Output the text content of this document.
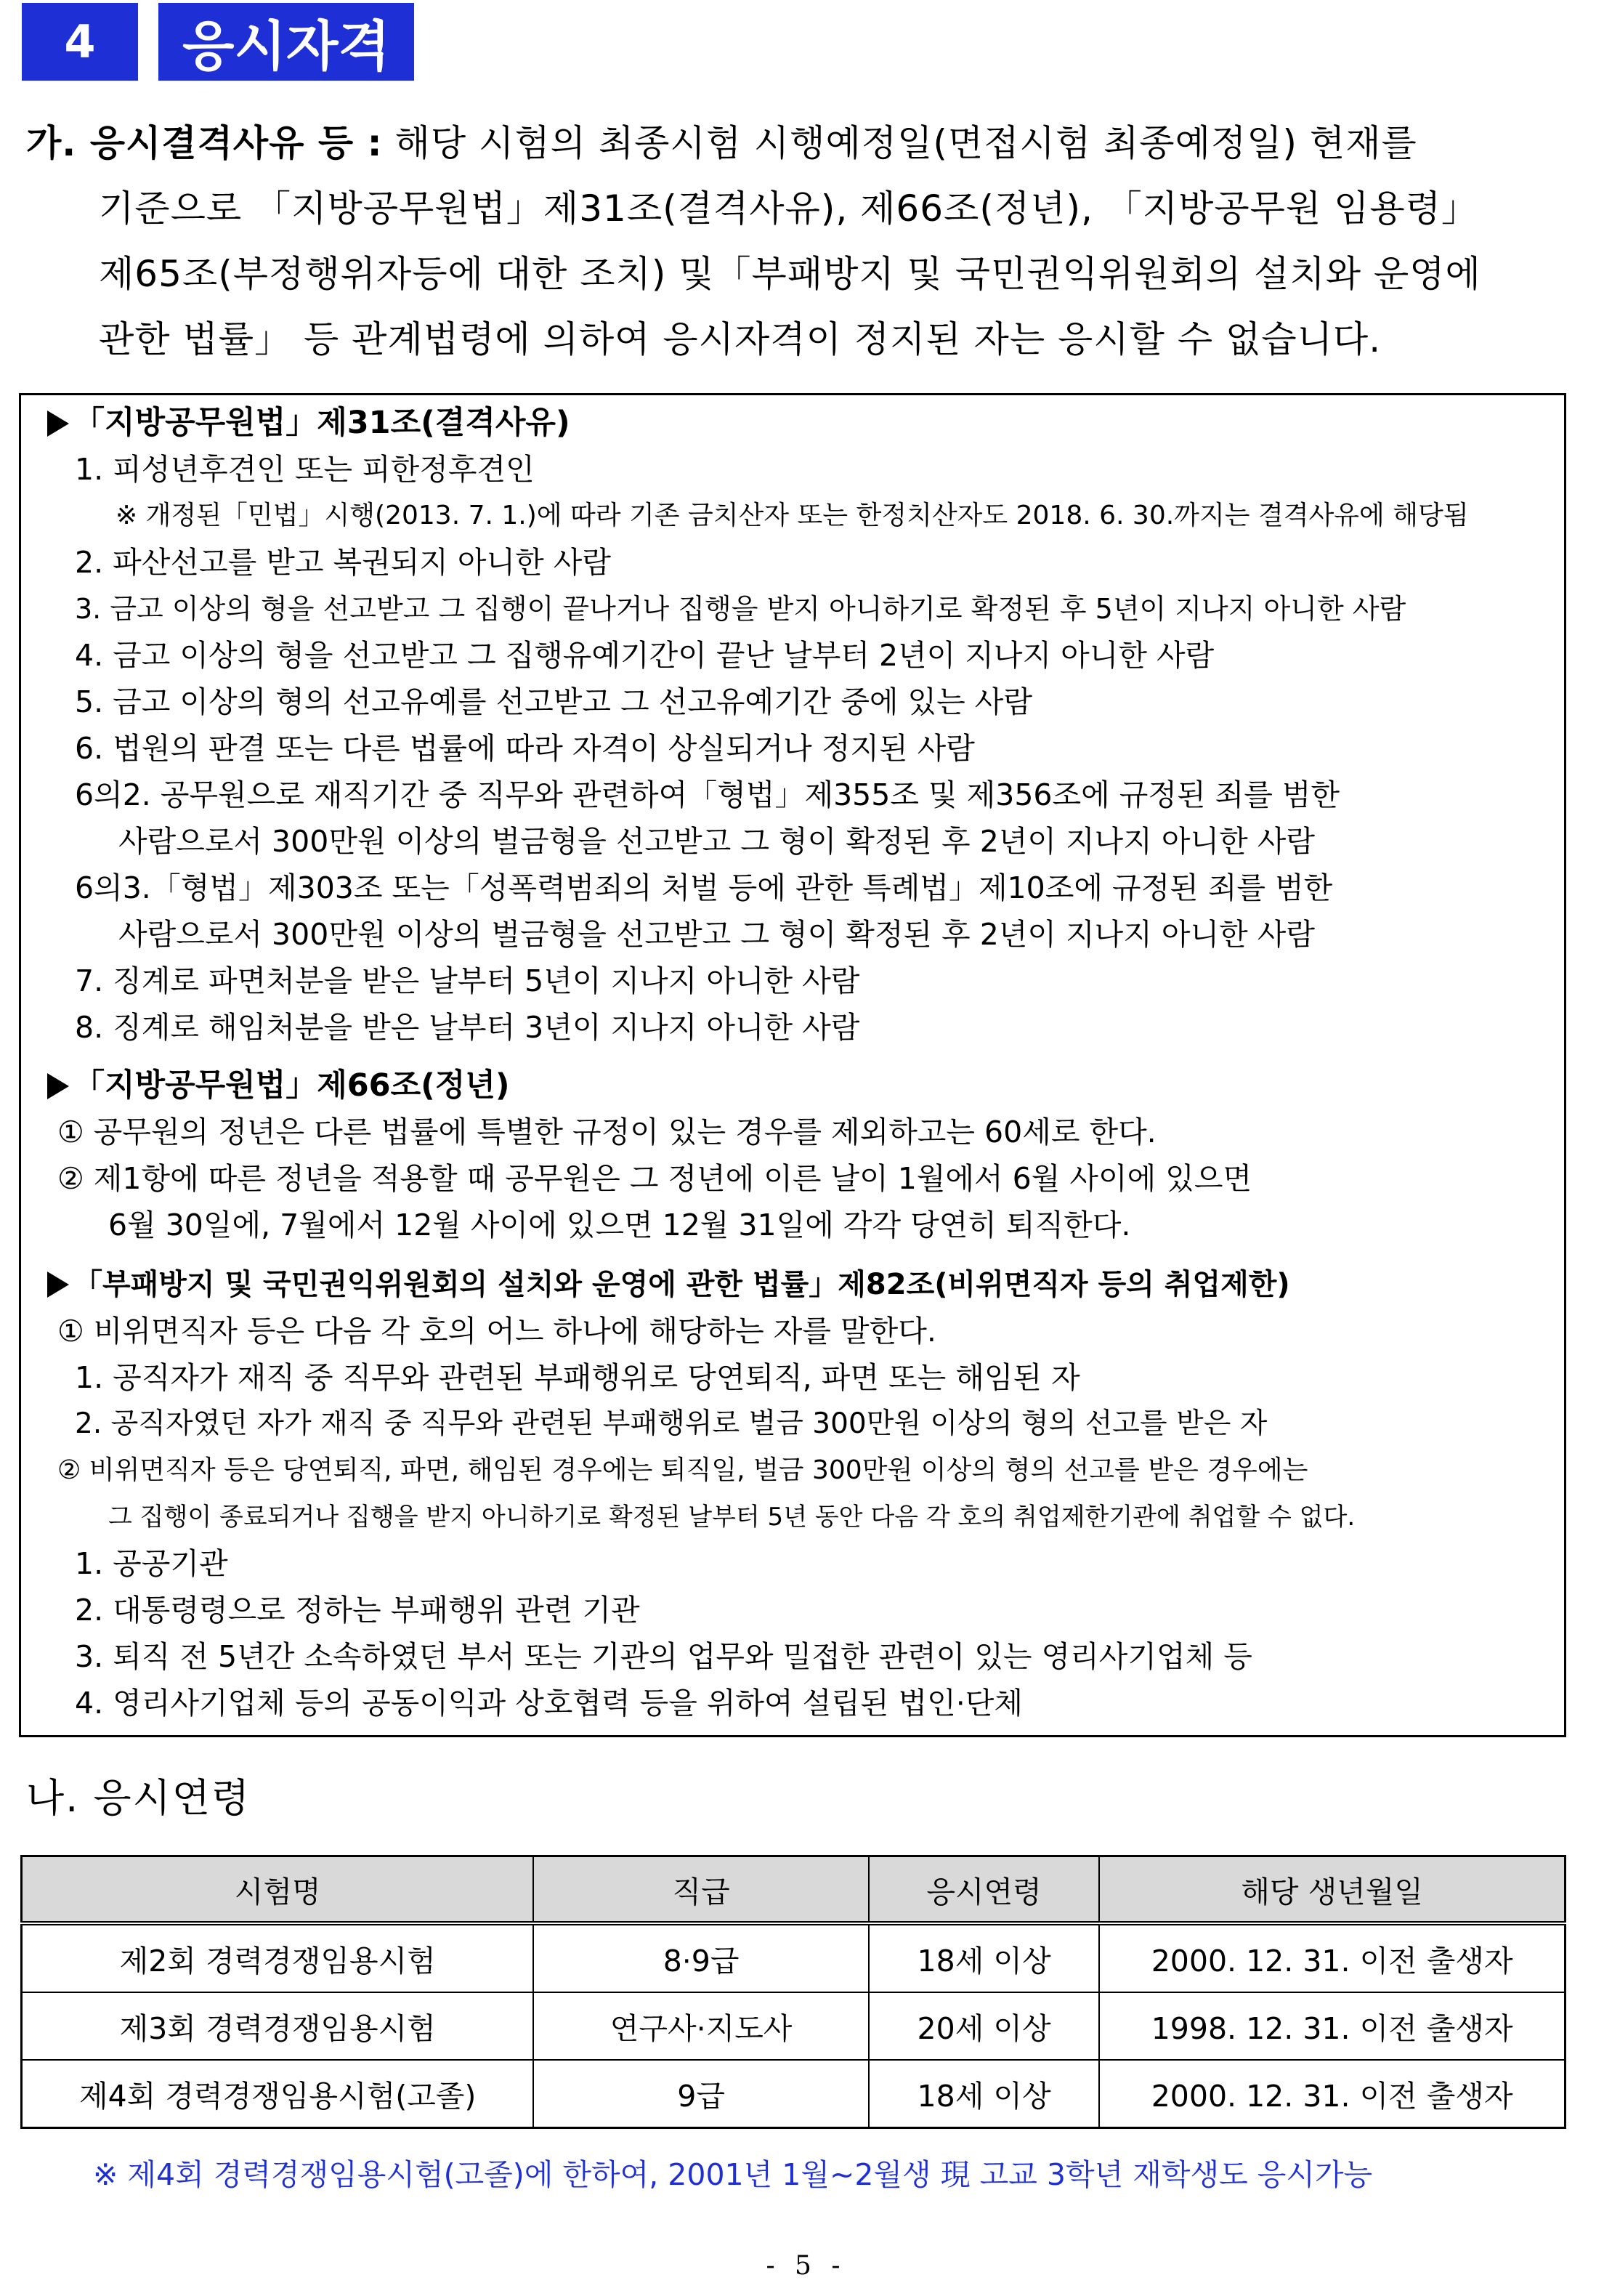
4	응시자격
가. 응시결격사유 등 : 해당 시험의 최종시험 시행예정일(면접시험 최종예정일) 현재를
기준으로 「지방공무원법」제31조(결격사유), 제66조(정년), 「지방공무원 임용령」
제65조(부정행위자등에 대한 조치) 및「부패방지 및 국민권익위원회의 설치와 운영에
관한 법률」 등 관계법령에 의하여 응시자격이 정지된 자는 응시할 수 없습니다.
「지방공무원법」제31조(결격사유)
1. 피성년후견인 또는 피한정후견인
※ 개정된「민법」시행(2013. 7. 1.)에 따라 기존 금치산자 또는 한정치산자도 2018. 6. 30.까지는 결격사유에 해당됨
2. 파산선고를 받고 복권되지 아니한 사람
3. 금고 이상의 형을 선고받고 그 집행이 끝나거나 집행을 받지 아니하기로 확정된 후 5년이 지나지 아니한 사람
4. 금고 이상의 형을 선고받고 그 집행유예기간이 끝난 날부터 2년이 지나지 아니한 사람
5. 금고 이상의 형의 선고유예를 선고받고 그 선고유예기간 중에 있는 사람
6. 법원의 판결 또는 다른 법률에 따라 자격이 상실되거나 정지된 사람
6의2. 공무원으로 재직기간 중 직무와 관련하여「형법」제355조 및 제356조에 규정된 죄를 범한
사람으로서 300만원 이상의 벌금형을 선고받고 그 형이 확정된 후 2년이 지나지 아니한 사람
6의3.「형법」제303조 또는「성폭력범죄의 처벌 등에 관한 특례법」제10조에 규정된 죄를 범한
사람으로서 300만원 이상의 벌금형을 선고받고 그 형이 확정된 후 2년이 지나지 아니한 사람
7. 징계로 파면처분을 받은 날부터 5년이 지나지 아니한 사람
8. 징계로 해임처분을 받은 날부터 3년이 지나지 아니한 사람
「지방공무원법」제66조(정년)
① 공무원의 정년은 다른 법률에 특별한 규정이 있는 경우를 제외하고는 60세로 한다.
② 제1항에 따른 정년을 적용할 때 공무원은 그 정년에 이른 날이 1월에서 6월 사이에 있으면
6월 30일에, 7월에서 12월 사이에 있으면 12월 31일에 각각 당연히 퇴직한다.
「부패방지 및 국민권익위원회의 설치와 운영에 관한 법률」제82조(비위면직자 등의 취업제한)
① 비위면직자 등은 다음 각 호의 어느 하나에 해당하는 자를 말한다.
1. 공직자가 재직 중 직무와 관련된 부패행위로 당연퇴직, 파면 또는 해임된 자
2. 공직자였던 자가 재직 중 직무와 관련된 부패행위로 벌금 300만원 이상의 형의 선고를 받은 자
② 비위면직자 등은 당연퇴직, 파면, 해임된 경우에는 퇴직일, 벌금 300만원 이상의 형의 선고를 받은 경우에는
그 집행이 종료되거나 집행을 받지 아니하기로 확정된 날부터 5년 동안 다음 각 호의 취업제한기관에 취업할 수 없다.
1. 공공기관
2. 대통령령으로 정하는 부패행위 관련 기관
3. 퇴직 전 5년간 소속하였던 부서 또는 기관의 업무와 밀접한 관련이 있는 영리사기업체 등
4. 영리사기업체 등의 공동이익과 상호협력 등을 위하여 설립된 법인·단체
나. 응시연령
시험명	직급	응시연령	해당 생년월일
제2회 경력경쟁임용시험	8·9급	18세 이상	2000. 12. 31. 이전 출생자
제3회 경력경쟁임용시험	연구사·지도사	20세 이상	1998. 12. 31. 이전 출생자
제4회 경력경쟁임용시험(고졸)	9급	18세 이상	2000. 12. 31. 이전 출생자
※ 제4회 경력경쟁임용시험(고졸)에 한하여, 2001년 1월~2월생 現 고교 3학년 재학생도 응시가능
- 5 -
